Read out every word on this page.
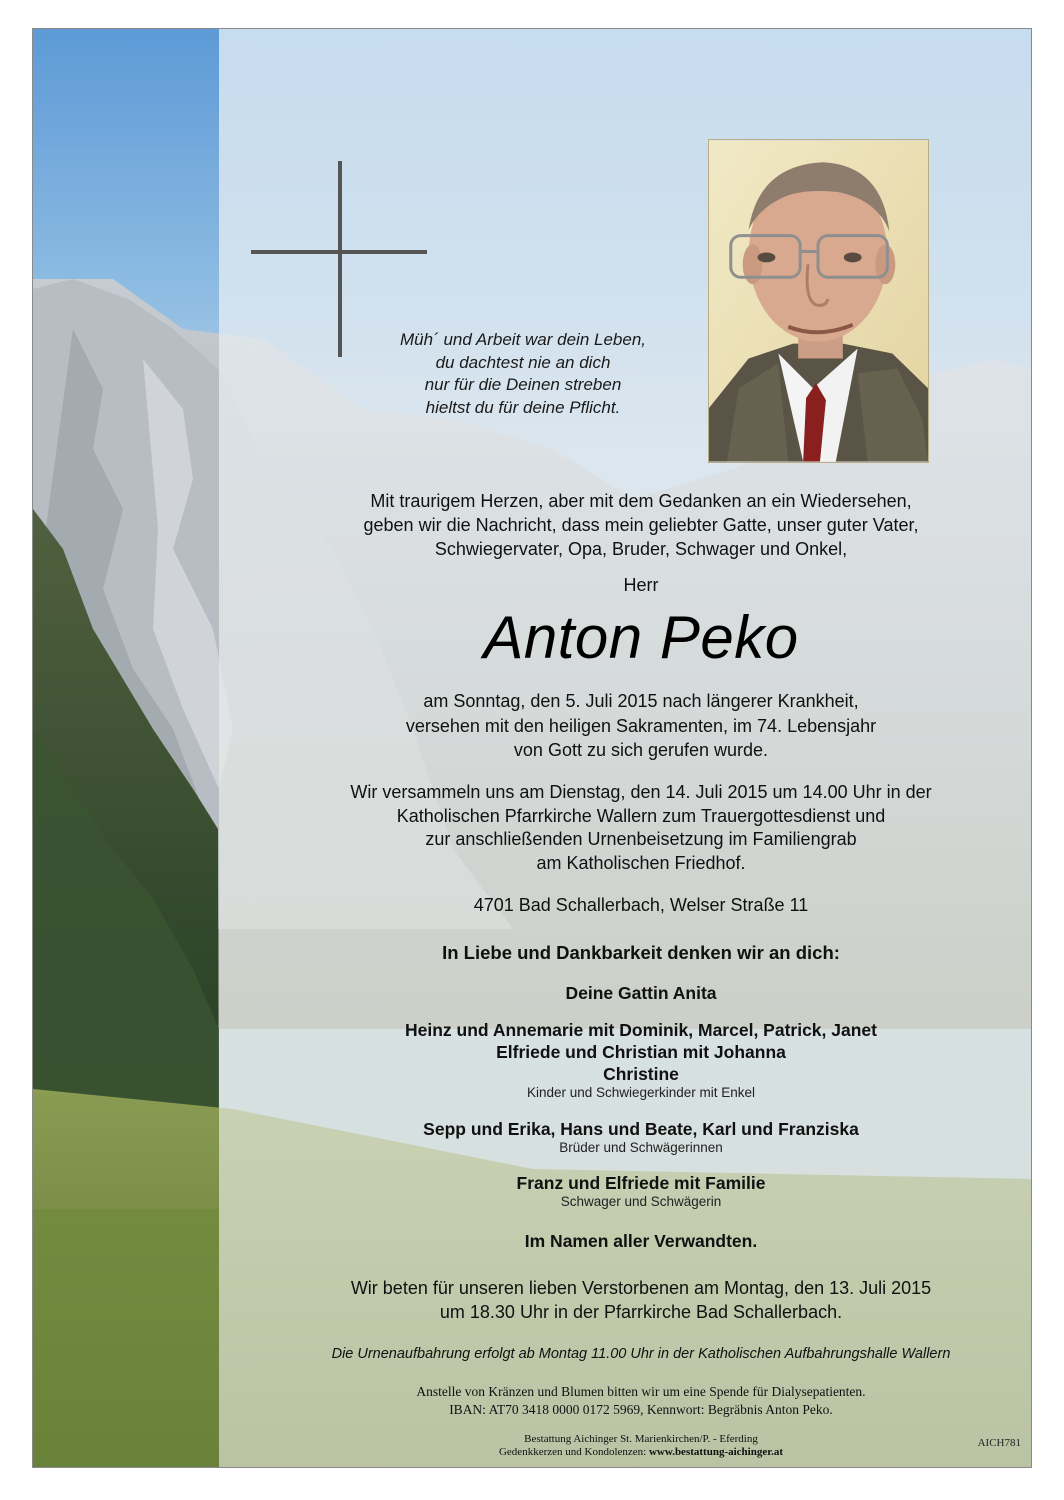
Müh´ und Arbeit war dein Leben,
du dachtest nie an dich
nur für die Deinen streben
hieltst du für deine Pflicht.
Mit traurigem Herzen, aber mit dem Gedanken an ein Wiedersehen,
geben wir die Nachricht, dass mein geliebter Gatte, unser guter Vater,
Schwiegervater, Opa, Bruder, Schwager und Onkel,
Herr
Anton Peko
am Sonntag, den 5. Juli 2015 nach längerer Krankheit,
versehen mit den heiligen Sakramenten, im 74. Lebensjahr
von Gott zu sich gerufen wurde.
Wir versammeln uns am Dienstag, den 14. Juli 2015 um 14.00 Uhr in der
Katholischen Pfarrkirche Wallern zum Trauergottesdienst und
zur anschließenden Urnenbeisetzung im Familiengrab
am Katholischen Friedhof.
4701 Bad Schallerbach, Welser Straße 11
In Liebe und Dankbarkeit denken wir an dich:
Deine Gattin Anita
Heinz und Annemarie mit Dominik, Marcel, Patrick, Janet
Elfriede und Christian mit Johanna
Christine
Kinder und Schwiegerkinder mit Enkel
Sepp und Erika, Hans und Beate, Karl und Franziska
Brüder und Schwägerinnen
Franz und Elfriede mit Familie
Schwager und Schwägerin
Im Namen aller Verwandten.
Wir beten für unseren lieben Verstorbenen am Montag, den 13. Juli 2015
um 18.30 Uhr in der Pfarrkirche Bad Schallerbach.
Die Urnenaufbahrung erfolgt ab Montag 11.00 Uhr in der Katholischen Aufbahrungshalle Wallern
Anstelle von Kränzen und Blumen bitten wir um eine Spende für Dialysepatienten.
IBAN: AT70 3418 0000 0172 5969, Kennwort: Begräbnis Anton Peko.
Bestattung Aichinger St. Marienkirchen/P. - Eferding
Gedenkkerzen und Kondolenzen: www.bestattung-aichinger.at
AICH781
